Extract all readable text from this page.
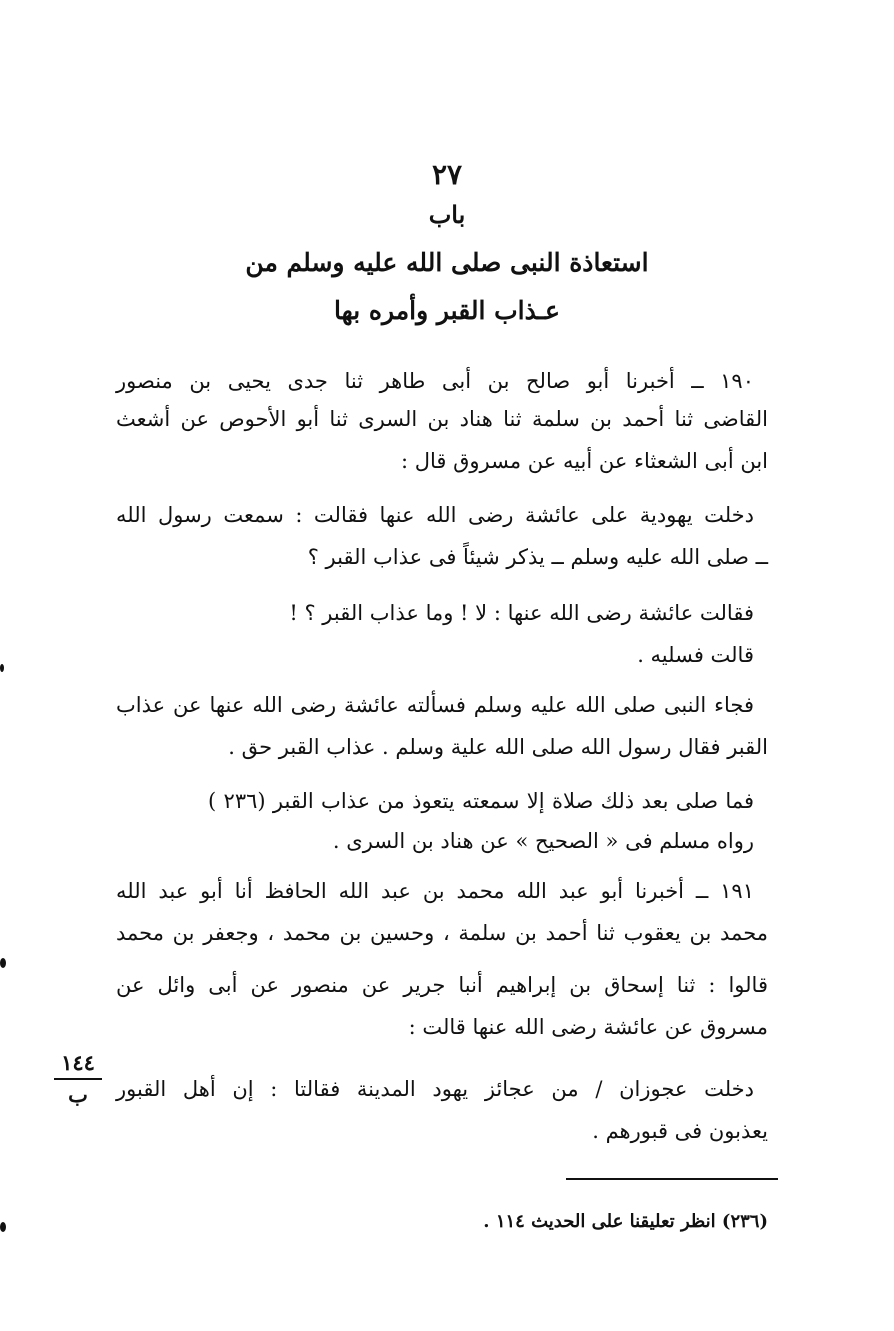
٢٧
باب
استعاذة النبى صلى الله عليه وسلم من
عـذاب القبر وأمره بها
١٩٠ ــ أخبرنا أبو صالح بن أبى طاهر ثنا جدى يحيى بن منصور
القاضى ثنا أحمد بن سلمة ثنا هناد بن السرى ثنا أبو الأحوص عن أشعث
ابن أبى الشعثاء عن أبيه عن مسروق قال :
دخلت يهودية على عائشة رضى الله عنها فقالت : سمعت رسول الله
ــ صلى الله عليه وسلم ــ يذكر شيئاً فى عذاب القبر ؟
فقالت عائشة رضى الله عنها : لا ! وما عذاب القبر ؟ !
قالت فسليه .
فجاء النبى صلى الله عليه وسلم فسألته عائشة رضى الله عنها عن عذاب
القبر فقال رسول الله صلى الله علية وسلم . عذاب القبر حق .
فما صلى بعد ذلك صلاة إلا سمعته يتعوذ من عذاب القبر (٢٣٦ )
رواه مسلم فى « الصحيح » عن هناد بن السرى .
١٩١ ــ أخبرنا أبو عبد الله محمد بن عبد الله الحافظ أنا أبو عبد الله
محمد بن يعقوب ثنا أحمد بن سلمة ، وحسين بن محمد ، وجعفر بن محمد
قالوا : ثنا إسحاق بن إبراهيم أنبا جرير عن منصور عن أبى وائل عن
مسروق عن عائشة رضى الله عنها قالت :
دخلت عجوزان / من عجائز يهود المدينة فقالتا : إن أهل القبور
يعذبون فى قبورهم .
١٤٤
ب
(٢٣٦) انظر تعليقنا على الحديث ١١٤ .
